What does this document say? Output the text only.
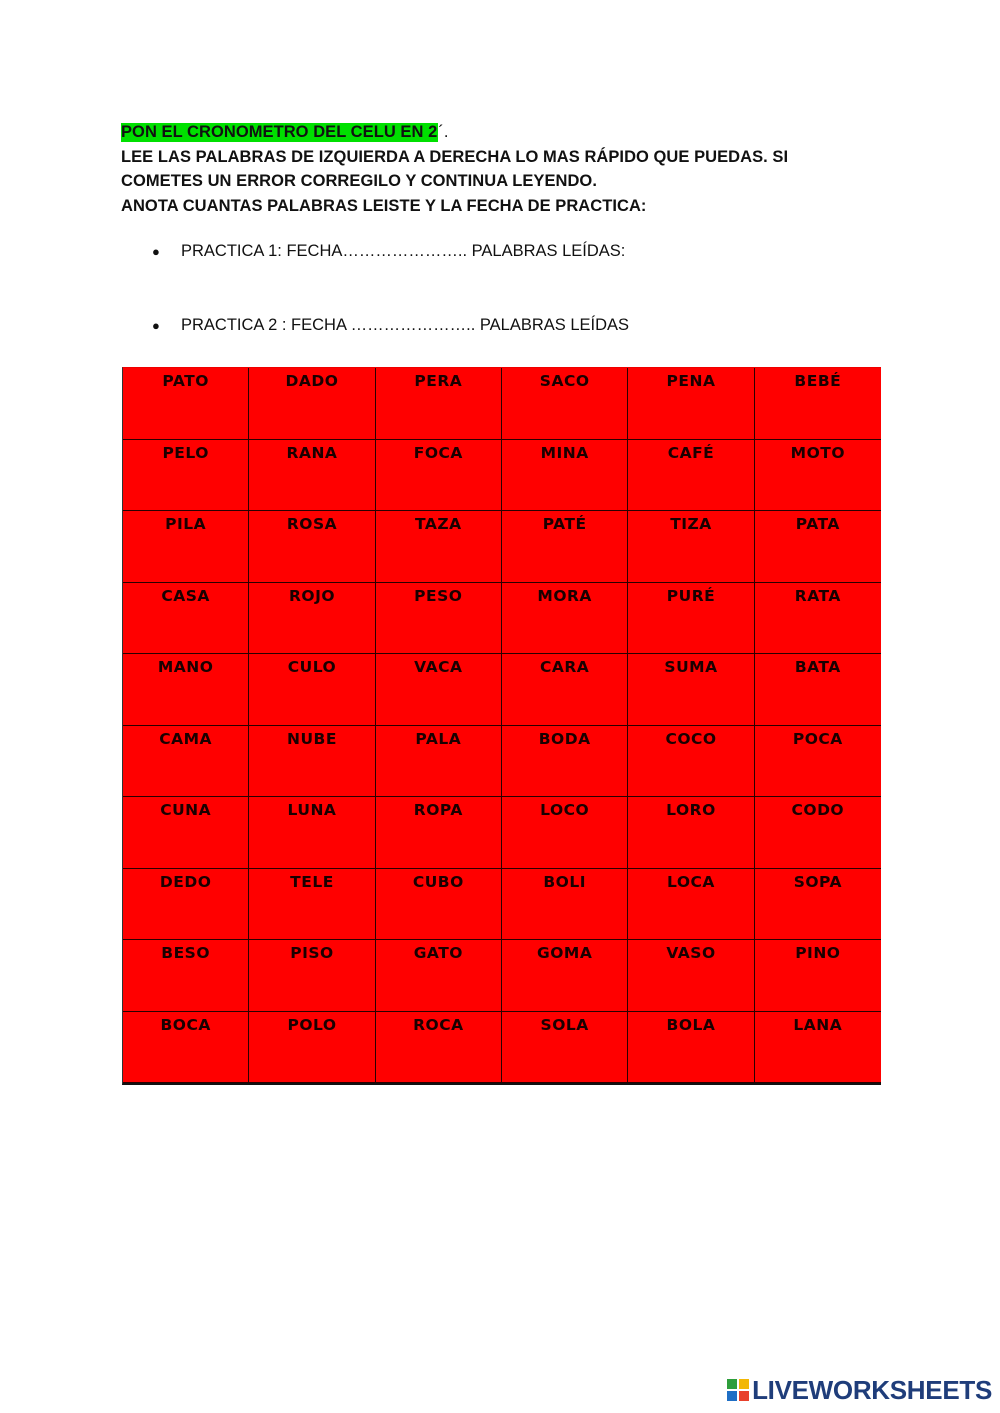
PON EL CRONOMETRO DEL CELU EN 2´.
LEE LAS PALABRAS DE IZQUIERDA A DERECHA LO MAS RÁPIDO QUE PUEDAS. SI
COMETES UN ERROR CORREGILO Y CONTINUA LEYENDO.
ANOTA CUANTAS PALABRAS LEISTE Y LA FECHA DE PRACTICA:
●	PRACTICA 1: FECHA………………….. PALABRAS LEÍDAS:
●	PRACTICA 2 : FECHA ………………….. PALABRAS LEÍDAS
PATO	DADO	PERA	SACO	PENA	BEBÉ
PELO	RANA	FOCA	MINA	CAFÉ	MOTO
PILA	ROSA	TAZA	PATÉ	TIZA	PATA
CASA	ROJO	PESO	MORA	PURÉ	RATA
MANO	CULO	VACA	CARA	SUMA	BATA
CAMA	NUBE	PALA	BODA	COCO	POCA
CUNA	LUNA	ROPA	LOCO	LORO	CODO
DEDO	TELE	CUBO	BOLI	LOCA	SOPA
BESO	PISO	GATO	GOMA	VASO	PINO
BOCA	POLO	ROCA	SOLA	BOLA	LANA
LIVEWORKSHEETS
